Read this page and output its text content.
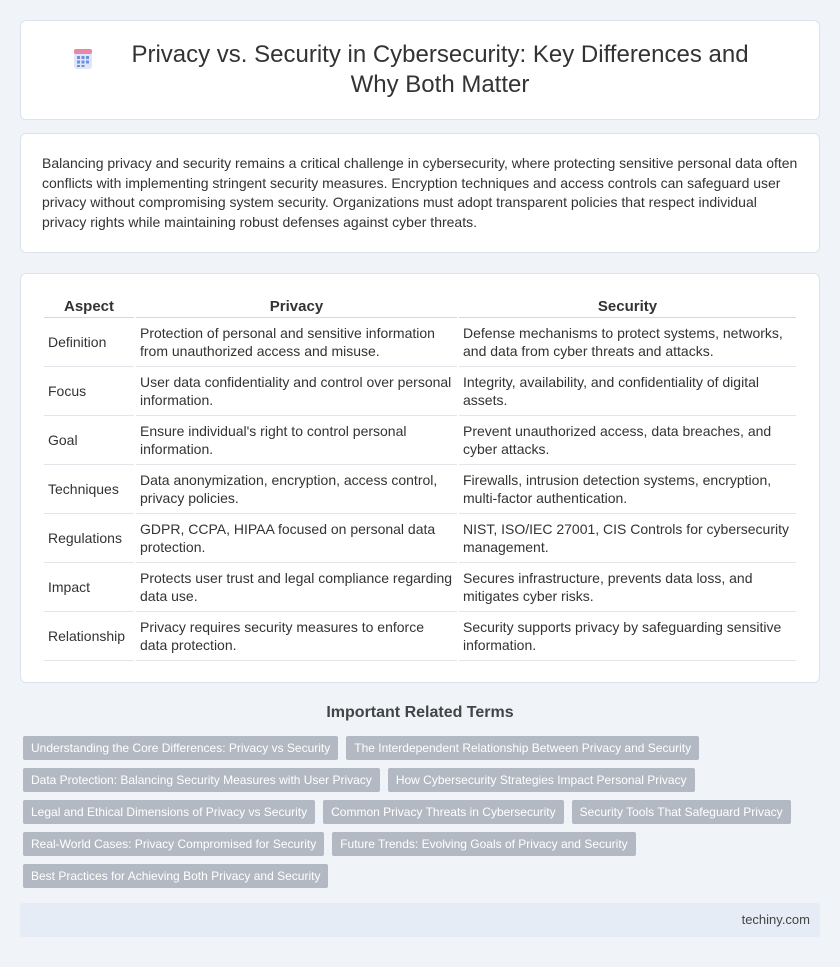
Privacy vs. Security in Cybersecurity: Key Differences and Why Both Matter

Balancing privacy and security remains a critical challenge in cybersecurity, where protecting sensitive personal data often conflicts with implementing stringent security measures. Encryption techniques and access controls can safeguard user privacy without compromising system security. Organizations must adopt transparent policies that respect individual privacy rights while maintaining robust defenses against cyber threats.

Aspect	Privacy	Security
Definition	Protection of personal and sensitive information from unauthorized access and misuse.	Defense mechanisms to protect systems, networks, and data from cyber threats and attacks.
Focus	User data confidentiality and control over personal information.	Integrity, availability, and confidentiality of digital assets.
Goal	Ensure individual's right to control personal information.	Prevent unauthorized access, data breaches, and cyber attacks.
Techniques	Data anonymization, encryption, access control, privacy policies.	Firewalls, intrusion detection systems, encryption, multi-factor authentication.
Regulations	GDPR, CCPA, HIPAA focused on personal data protection.	NIST, ISO/IEC 27001, CIS Controls for cybersecurity management.
Impact	Protects user trust and legal compliance regarding data use.	Secures infrastructure, prevents data loss, and mitigates cyber risks.
Relationship	Privacy requires security measures to enforce data protection.	Security supports privacy by safeguarding sensitive information.
Important Related Terms
Understanding the Core Differences: Privacy vs Security	The Interdependent Relationship Between Privacy and Security
Data Protection: Balancing Security Measures with User Privacy	How Cybersecurity Strategies Impact Personal Privacy
Legal and Ethical Dimensions of Privacy vs Security	Common Privacy Threats in Cybersecurity	Security Tools That Safeguard Privacy
Real-World Cases: Privacy Compromised for Security	Future Trends: Evolving Goals of Privacy and Security
Best Practices for Achieving Both Privacy and Security
techiny.com
